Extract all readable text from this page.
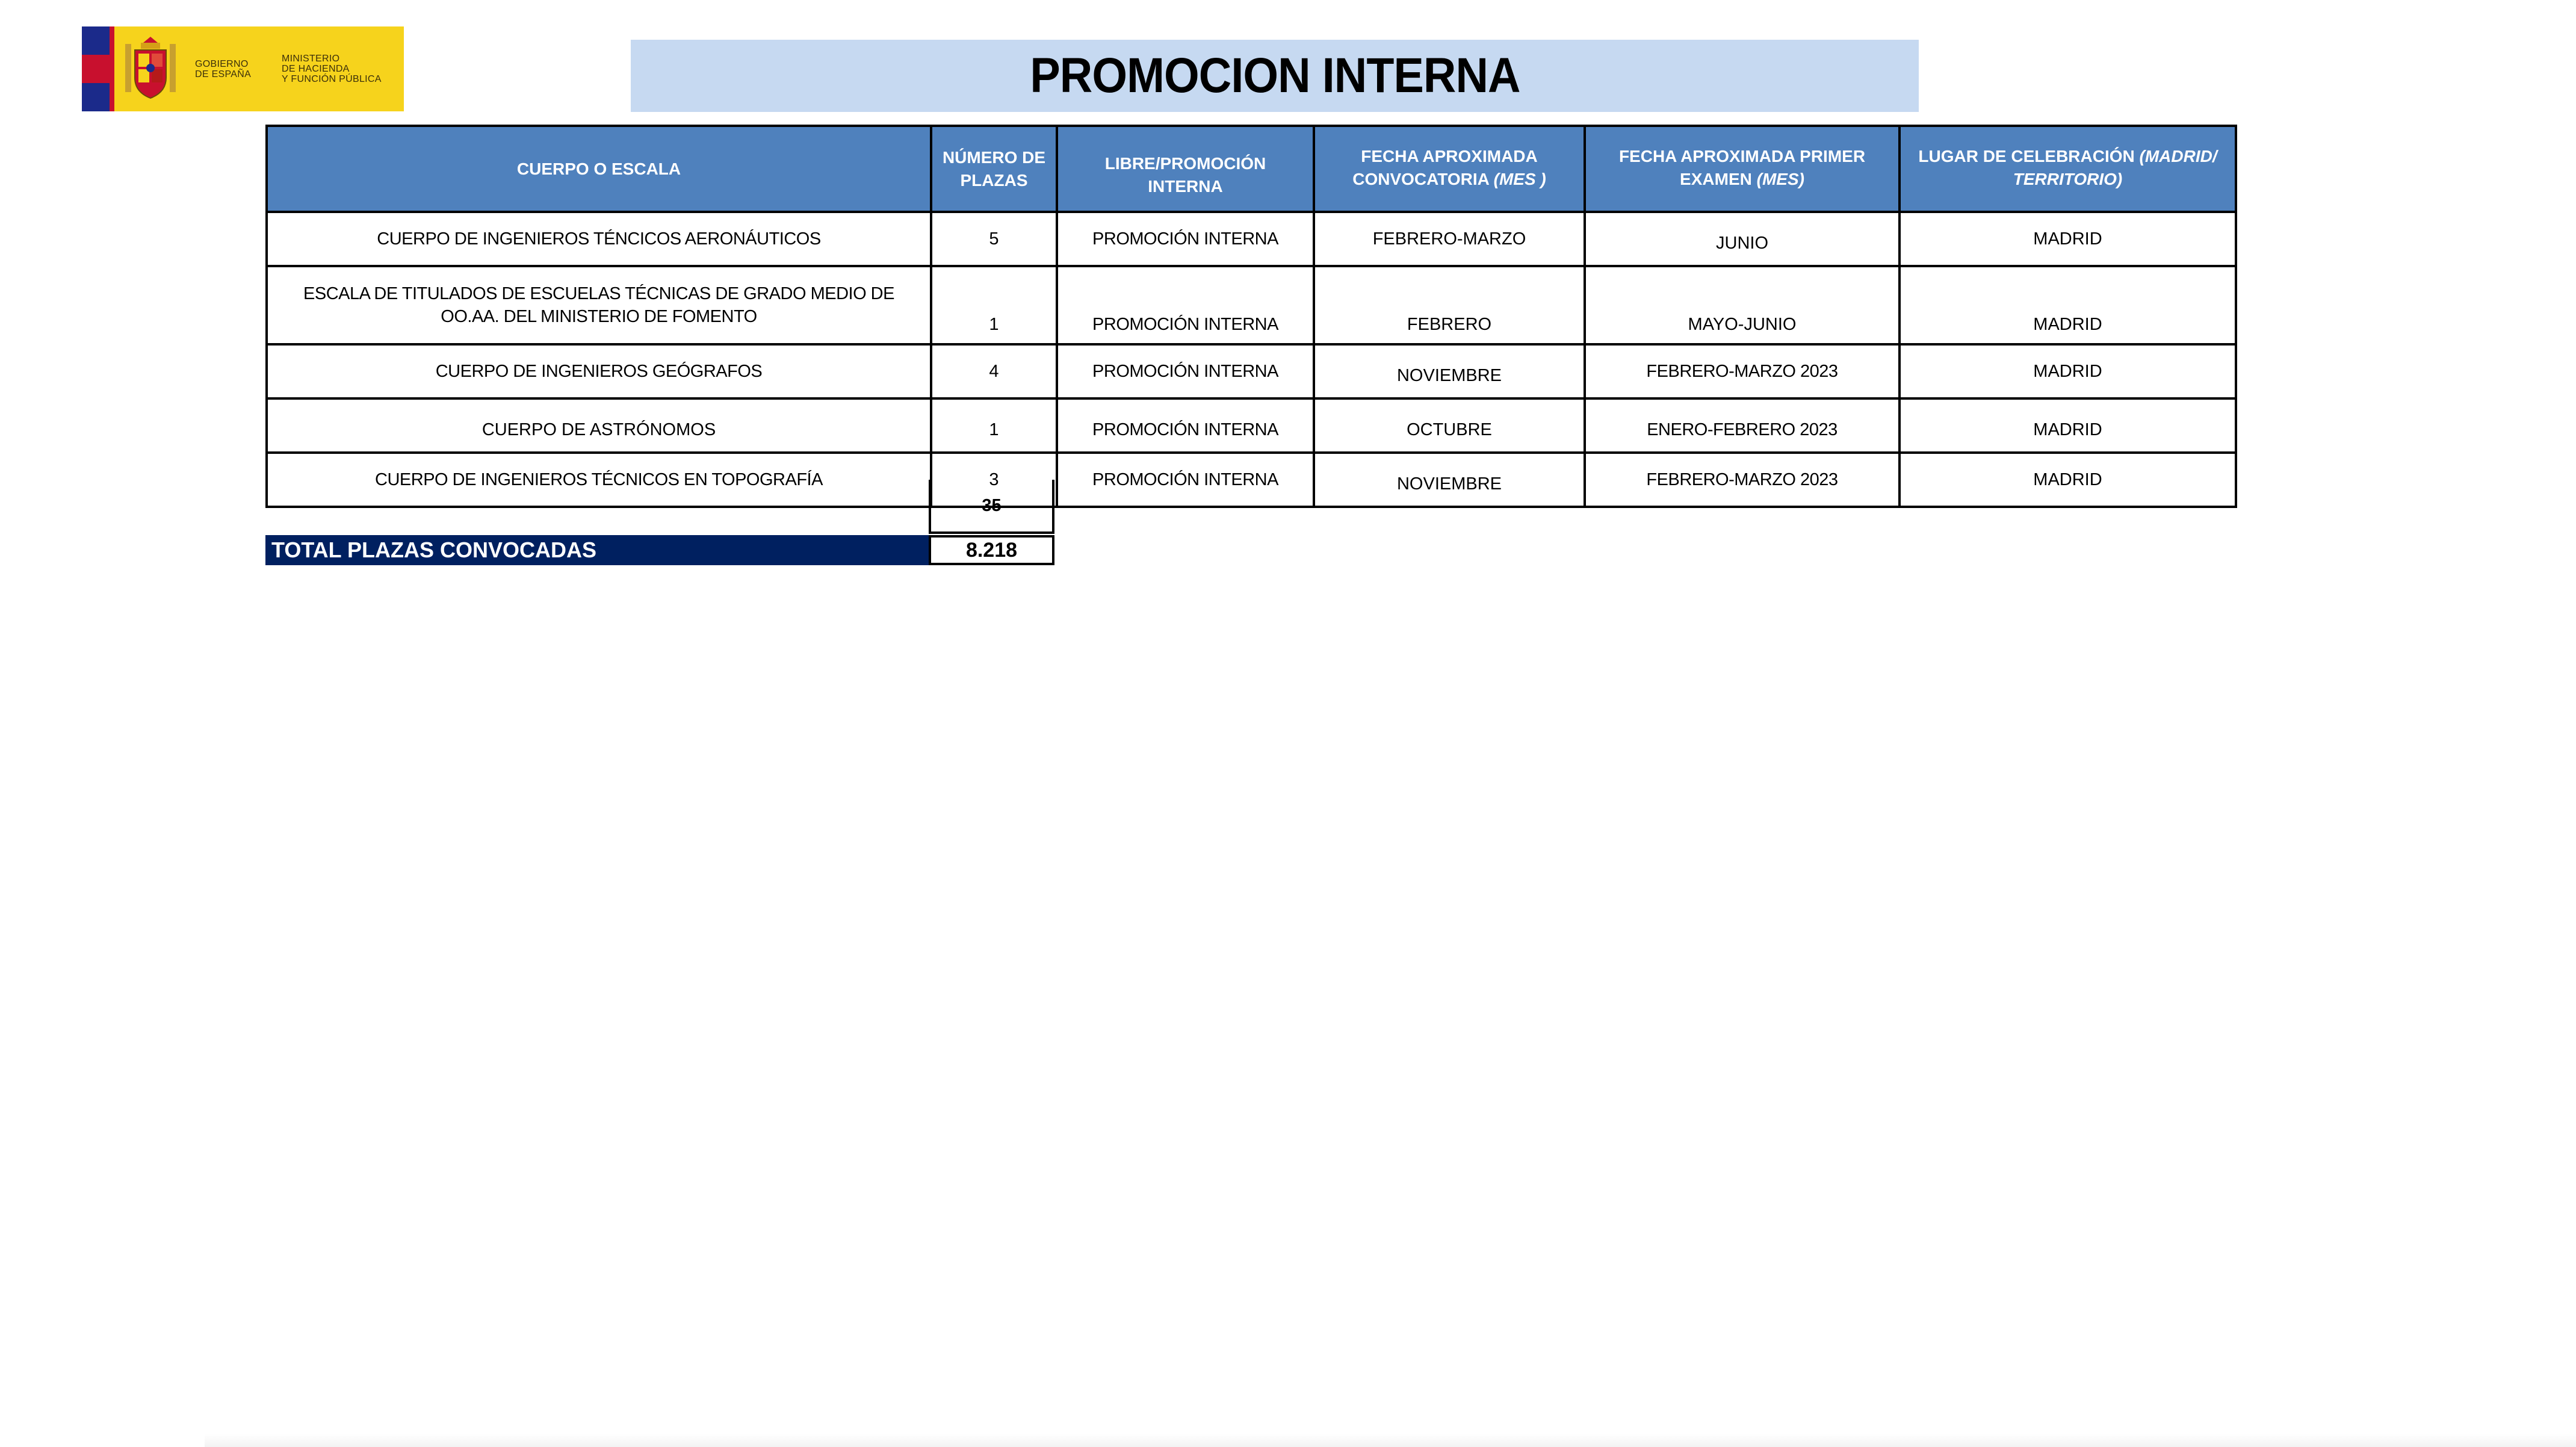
GOBIERNO
DE ESPAÑA
MINISTERIO
DE HACIENDA
Y FUNCIÓN PÚBLICA	PROMOCION INTERNA
CUERPO O ESCALA	NÚMERO DE PLAZAS	LIBRE/PROMOCIÓN INTERNA	FECHA APROXIMADA CONVOCATORIA (MES )	FECHA APROXIMADA PRIMER EXAMEN (MES)	LUGAR DE CELEBRACIÓN (MADRID/ TERRITORIO)
CUERPO DE INGENIEROS TÉNCICOS AERONÁUTICOS	5	PROMOCIÓN INTERNA	FEBRERO-MARZO	JUNIO	MADRID
ESCALA DE TITULADOS DE ESCUELAS TÉCNICAS DE GRADO MEDIO DE OO.AA. DEL MINISTERIO DE FOMENTO	1	PROMOCIÓN INTERNA	FEBRERO	MAYO-JUNIO	MADRID
CUERPO DE INGENIEROS GEÓGRAFOS	4	PROMOCIÓN INTERNA	NOVIEMBRE	FEBRERO-MARZO 2023	MADRID
CUERPO DE ASTRÓNOMOS	1	PROMOCIÓN INTERNA	OCTUBRE	ENERO-FEBRERO 2023	MADRID
CUERPO DE INGENIEROS TÉCNICOS EN TOPOGRAFÍA	3	PROMOCIÓN INTERNA	NOVIEMBRE	FEBRERO-MARZO 2023	MADRID
35
TOTAL PLAZAS CONVOCADAS	8.218
